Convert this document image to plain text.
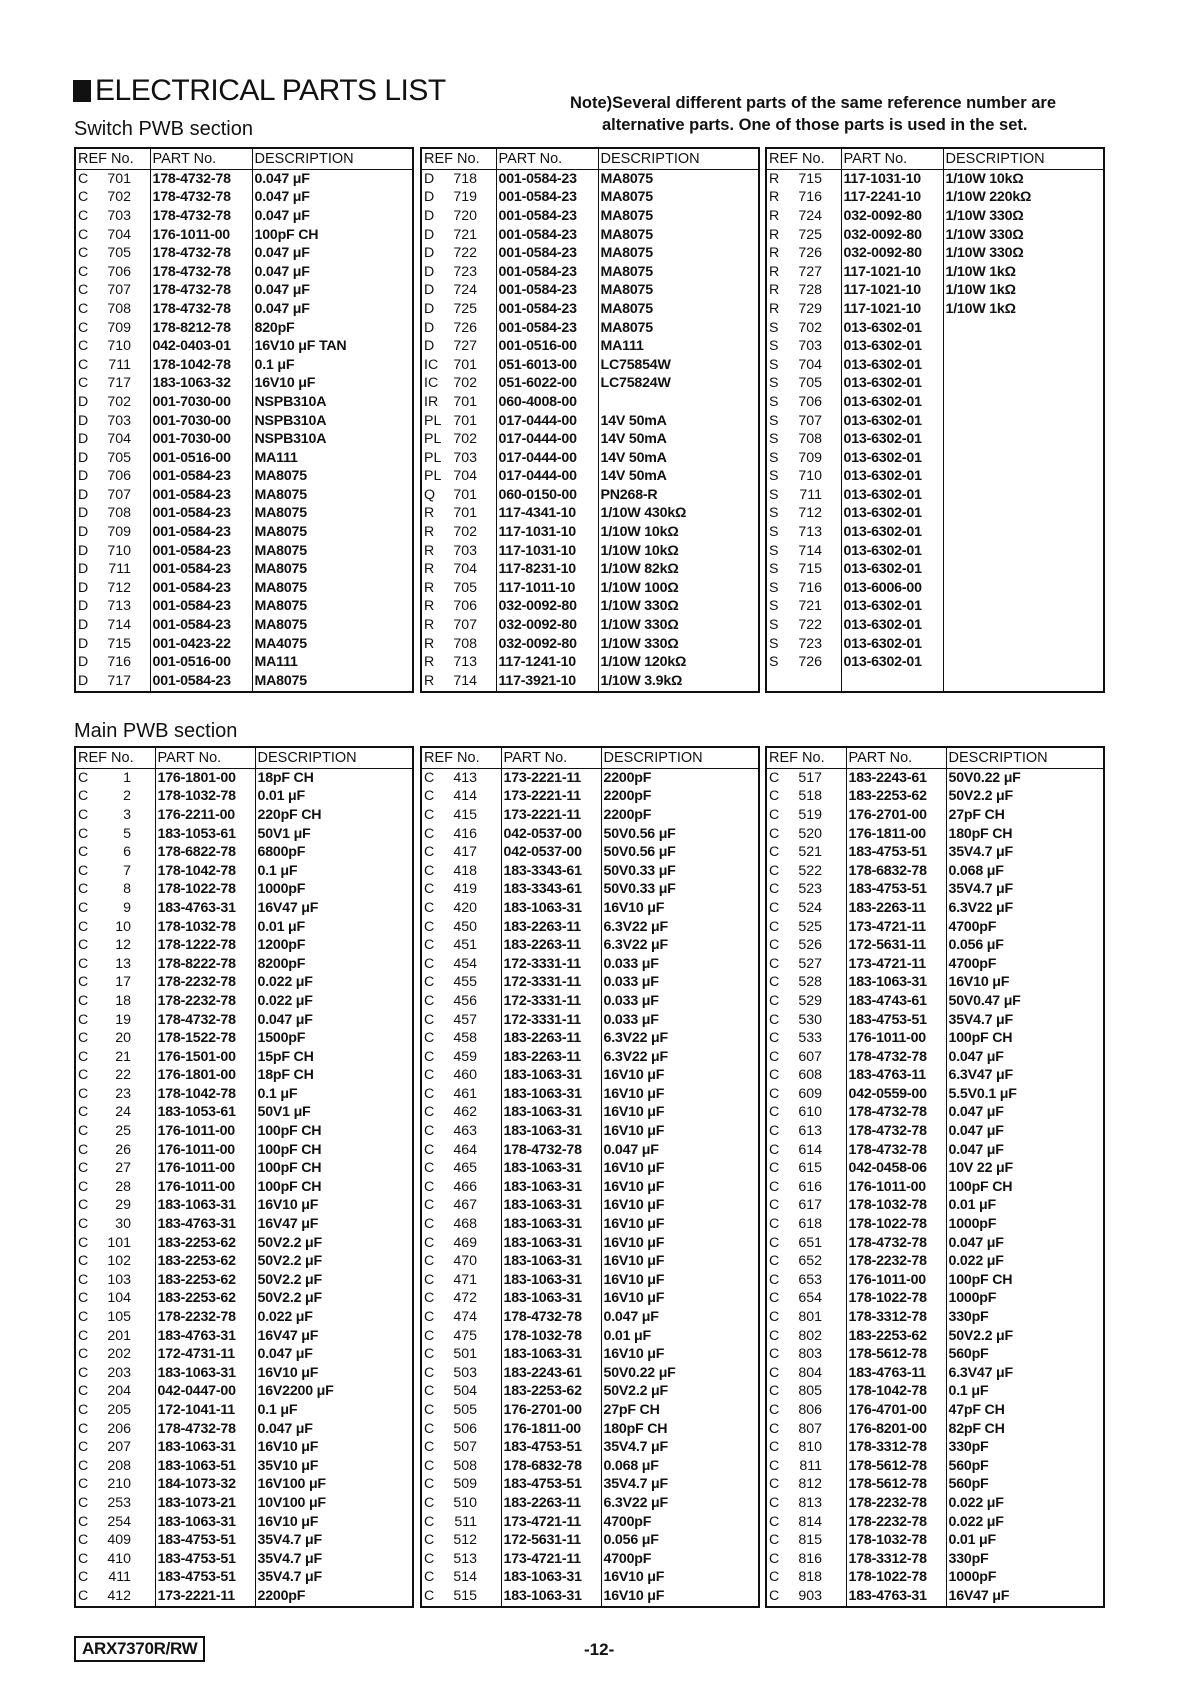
ELECTRICAL PARTS LIST	Note)Several different parts of the same reference number are
alternative parts. One of those parts is used in the set.
Switch PWB section
Main PWB section
REF No.	PART No.	DESCRIPTION
C 701	178-4732-78	0.047 μF
C 702	178-4732-78	0.047 μF
C 703	178-4732-78	0.047 μF
C 704	176-1011-00	100pF CH
C 705	178-4732-78	0.047 μF
C 706	178-4732-78	0.047 μF
C 707	178-4732-78	0.047 μF
C 708	178-4732-78	0.047 μF
C 709	178-8212-78	820pF
C 710	042-0403-01	16V10 μF TAN
C 711	178-1042-78	0.1 μF
C 717	183-1063-32	16V10 μF
D 702	001-7030-00	NSPB310A
D 703	001-7030-00	NSPB310A
D 704	001-7030-00	NSPB310A
D 705	001-0516-00	MA111
D 706	001-0584-23	MA8075
D 707	001-0584-23	MA8075
D 708	001-0584-23	MA8075
D 709	001-0584-23	MA8075
D 710	001-0584-23	MA8075
D 711	001-0584-23	MA8075
D 712	001-0584-23	MA8075
D 713	001-0584-23	MA8075
D 714	001-0584-23	MA8075
D 715	001-0423-22	MA4075
D 716	001-0516-00	MA111
D 717	001-0584-23	MA8075
REF No.	PART No.	DESCRIPTION
D 718	001-0584-23	MA8075
D 719	001-0584-23	MA8075
D 720	001-0584-23	MA8075
D 721	001-0584-23	MA8075
D 722	001-0584-23	MA8075
D 723	001-0584-23	MA8075
D 724	001-0584-23	MA8075
D 725	001-0584-23	MA8075
D 726	001-0584-23	MA8075
D 727	001-0516-00	MA111
IC 701	051-6013-00	LC75854W
IC 702	051-6022-00	LC75824W
IR 701	060-4008-00	
PL 701	017-0444-00	14V 50mA
PL 702	017-0444-00	14V 50mA
PL 703	017-0444-00	14V 50mA
PL 704	017-0444-00	14V 50mA
Q 701	060-0150-00	PN268-R
R 701	117-4341-10	1/10W 430kΩ
R 702	117-1031-10	1/10W 10kΩ
R 703	117-1031-10	1/10W 10kΩ
R 704	117-8231-10	1/10W 82kΩ
R 705	117-1011-10	1/10W 100Ω
R 706	032-0092-80	1/10W 330Ω
R 707	032-0092-80	1/10W 330Ω
R 708	032-0092-80	1/10W 330Ω
R 713	117-1241-10	1/10W 120kΩ
R 714	117-3921-10	1/10W 3.9kΩ
REF No.	PART No.	DESCRIPTION
R 715	117-1031-10	1/10W 10kΩ
R 716	117-2241-10	1/10W 220kΩ
R 724	032-0092-80	1/10W 330Ω
R 725	032-0092-80	1/10W 330Ω
R 726	032-0092-80	1/10W 330Ω
R 727	117-1021-10	1/10W 1kΩ
R 728	117-1021-10	1/10W 1kΩ
R 729	117-1021-10	1/10W 1kΩ
S 702	013-6302-01	
S 703	013-6302-01	
S 704	013-6302-01	
S 705	013-6302-01	
S 706	013-6302-01	
S 707	013-6302-01	
S 708	013-6302-01	
S 709	013-6302-01	
S 710	013-6302-01	
S 711	013-6302-01	
S 712	013-6302-01	
S 713	013-6302-01	
S 714	013-6302-01	
S 715	013-6302-01	
S 716	013-6006-00	
S 721	013-6302-01	
S 722	013-6302-01	
S 723	013-6302-01	
S 726	013-6302-01	

REF No.	PART No.	DESCRIPTION
C 1	176-1801-00	18pF CH
C 2	178-1032-78	0.01 μF
C 3	176-2211-00	220pF CH
C 5	183-1053-61	50V1 μF
C 6	178-6822-78	6800pF
C 7	178-1042-78	0.1 μF
C 8	178-1022-78	1000pF
C 9	183-4763-31	16V47 μF
C 10	178-1032-78	0.01 μF
C 12	178-1222-78	1200pF
C 13	178-8222-78	8200pF
C 17	178-2232-78	0.022 μF
C 18	178-2232-78	0.022 μF
C 19	178-4732-78	0.047 μF
C 20	178-1522-78	1500pF
C 21	176-1501-00	15pF CH
C 22	176-1801-00	18pF CH
C 23	178-1042-78	0.1 μF
C 24	183-1053-61	50V1 μF
C 25	176-1011-00	100pF CH
C 26	176-1011-00	100pF CH
C 27	176-1011-00	100pF CH
C 28	176-1011-00	100pF CH
C 29	183-1063-31	16V10 μF
C 30	183-4763-31	16V47 μF
C 101	183-2253-62	50V2.2 μF
C 102	183-2253-62	50V2.2 μF
C 103	183-2253-62	50V2.2 μF
C 104	183-2253-62	50V2.2 μF
C 105	178-2232-78	0.022 μF
C 201	183-4763-31	16V47 μF
C 202	172-4731-11	0.047 μF
C 203	183-1063-31	16V10 μF
C 204	042-0447-00	16V2200 μF
C 205	172-1041-11	0.1 μF
C 206	178-4732-78	0.047 μF
C 207	183-1063-31	16V10 μF
C 208	183-1063-51	35V10 μF
C 210	184-1073-32	16V100 μF
C 253	183-1073-21	10V100 μF
C 254	183-1063-31	16V10 μF
C 409	183-4753-51	35V4.7 μF
C 410	183-4753-51	35V4.7 μF
C 411	183-4753-51	35V4.7 μF
C 412	173-2221-11	2200pF
REF No.	PART No.	DESCRIPTION
C 413	173-2221-11	2200pF
C 414	173-2221-11	2200pF
C 415	173-2221-11	2200pF
C 416	042-0537-00	50V0.56 μF
C 417	042-0537-00	50V0.56 μF
C 418	183-3343-61	50V0.33 μF
C 419	183-3343-61	50V0.33 μF
C 420	183-1063-31	16V10 μF
C 450	183-2263-11	6.3V22 μF
C 451	183-2263-11	6.3V22 μF
C 454	172-3331-11	0.033 μF
C 455	172-3331-11	0.033 μF
C 456	172-3331-11	0.033 μF
C 457	172-3331-11	0.033 μF
C 458	183-2263-11	6.3V22 μF
C 459	183-2263-11	6.3V22 μF
C 460	183-1063-31	16V10 μF
C 461	183-1063-31	16V10 μF
C 462	183-1063-31	16V10 μF
C 463	183-1063-31	16V10 μF
C 464	178-4732-78	0.047 μF
C 465	183-1063-31	16V10 μF
C 466	183-1063-31	16V10 μF
C 467	183-1063-31	16V10 μF
C 468	183-1063-31	16V10 μF
C 469	183-1063-31	16V10 μF
C 470	183-1063-31	16V10 μF
C 471	183-1063-31	16V10 μF
C 472	183-1063-31	16V10 μF
C 474	178-4732-78	0.047 μF
C 475	178-1032-78	0.01 μF
C 501	183-1063-31	16V10 μF
C 503	183-2243-61	50V0.22 μF
C 504	183-2253-62	50V2.2 μF
C 505	176-2701-00	27pF CH
C 506	176-1811-00	180pF CH
C 507	183-4753-51	35V4.7 μF
C 508	178-6832-78	0.068 μF
C 509	183-4753-51	35V4.7 μF
C 510	183-2263-11	6.3V22 μF
C 511	173-4721-11	4700pF
C 512	172-5631-11	0.056 μF
C 513	173-4721-11	4700pF
C 514	183-1063-31	16V10 μF
C 515	183-1063-31	16V10 μF
REF No.	PART No.	DESCRIPTION
C 517	183-2243-61	50V0.22 μF
C 518	183-2253-62	50V2.2 μF
C 519	176-2701-00	27pF CH
C 520	176-1811-00	180pF CH
C 521	183-4753-51	35V4.7 μF
C 522	178-6832-78	0.068 μF
C 523	183-4753-51	35V4.7 μF
C 524	183-2263-11	6.3V22 μF
C 525	173-4721-11	4700pF
C 526	172-5631-11	0.056 μF
C 527	173-4721-11	4700pF
C 528	183-1063-31	16V10 μF
C 529	183-4743-61	50V0.47 μF
C 530	183-4753-51	35V4.7 μF
C 533	176-1011-00	100pF CH
C 607	178-4732-78	0.047 μF
C 608	183-4763-11	6.3V47 μF
C 609	042-0559-00	5.5V0.1 μF
C 610	178-4732-78	0.047 μF
C 613	178-4732-78	0.047 μF
C 614	178-4732-78	0.047 μF
C 615	042-0458-06	10V 22 μF
C 616	176-1011-00	100pF CH
C 617	178-1032-78	0.01 μF
C 618	178-1022-78	1000pF
C 651	178-4732-78	0.047 μF
C 652	178-2232-78	0.022 μF
C 653	176-1011-00	100pF CH
C 654	178-1022-78	1000pF
C 801	178-3312-78	330pF
C 802	183-2253-62	50V2.2 μF
C 803	178-5612-78	560pF
C 804	183-4763-11	6.3V47 μF
C 805	178-1042-78	0.1 μF
C 806	176-4701-00	47pF CH
C 807	176-8201-00	82pF CH
C 810	178-3312-78	330pF
C 811	178-5612-78	560pF
C 812	178-5612-78	560pF
C 813	178-2232-78	0.022 μF
C 814	178-2232-78	0.022 μF
C 815	178-1032-78	0.01 μF
C 816	178-3312-78	330pF
C 818	178-1022-78	1000pF
C 903	183-4763-31	16V47 μF
ARX7370R/RW	-12-
